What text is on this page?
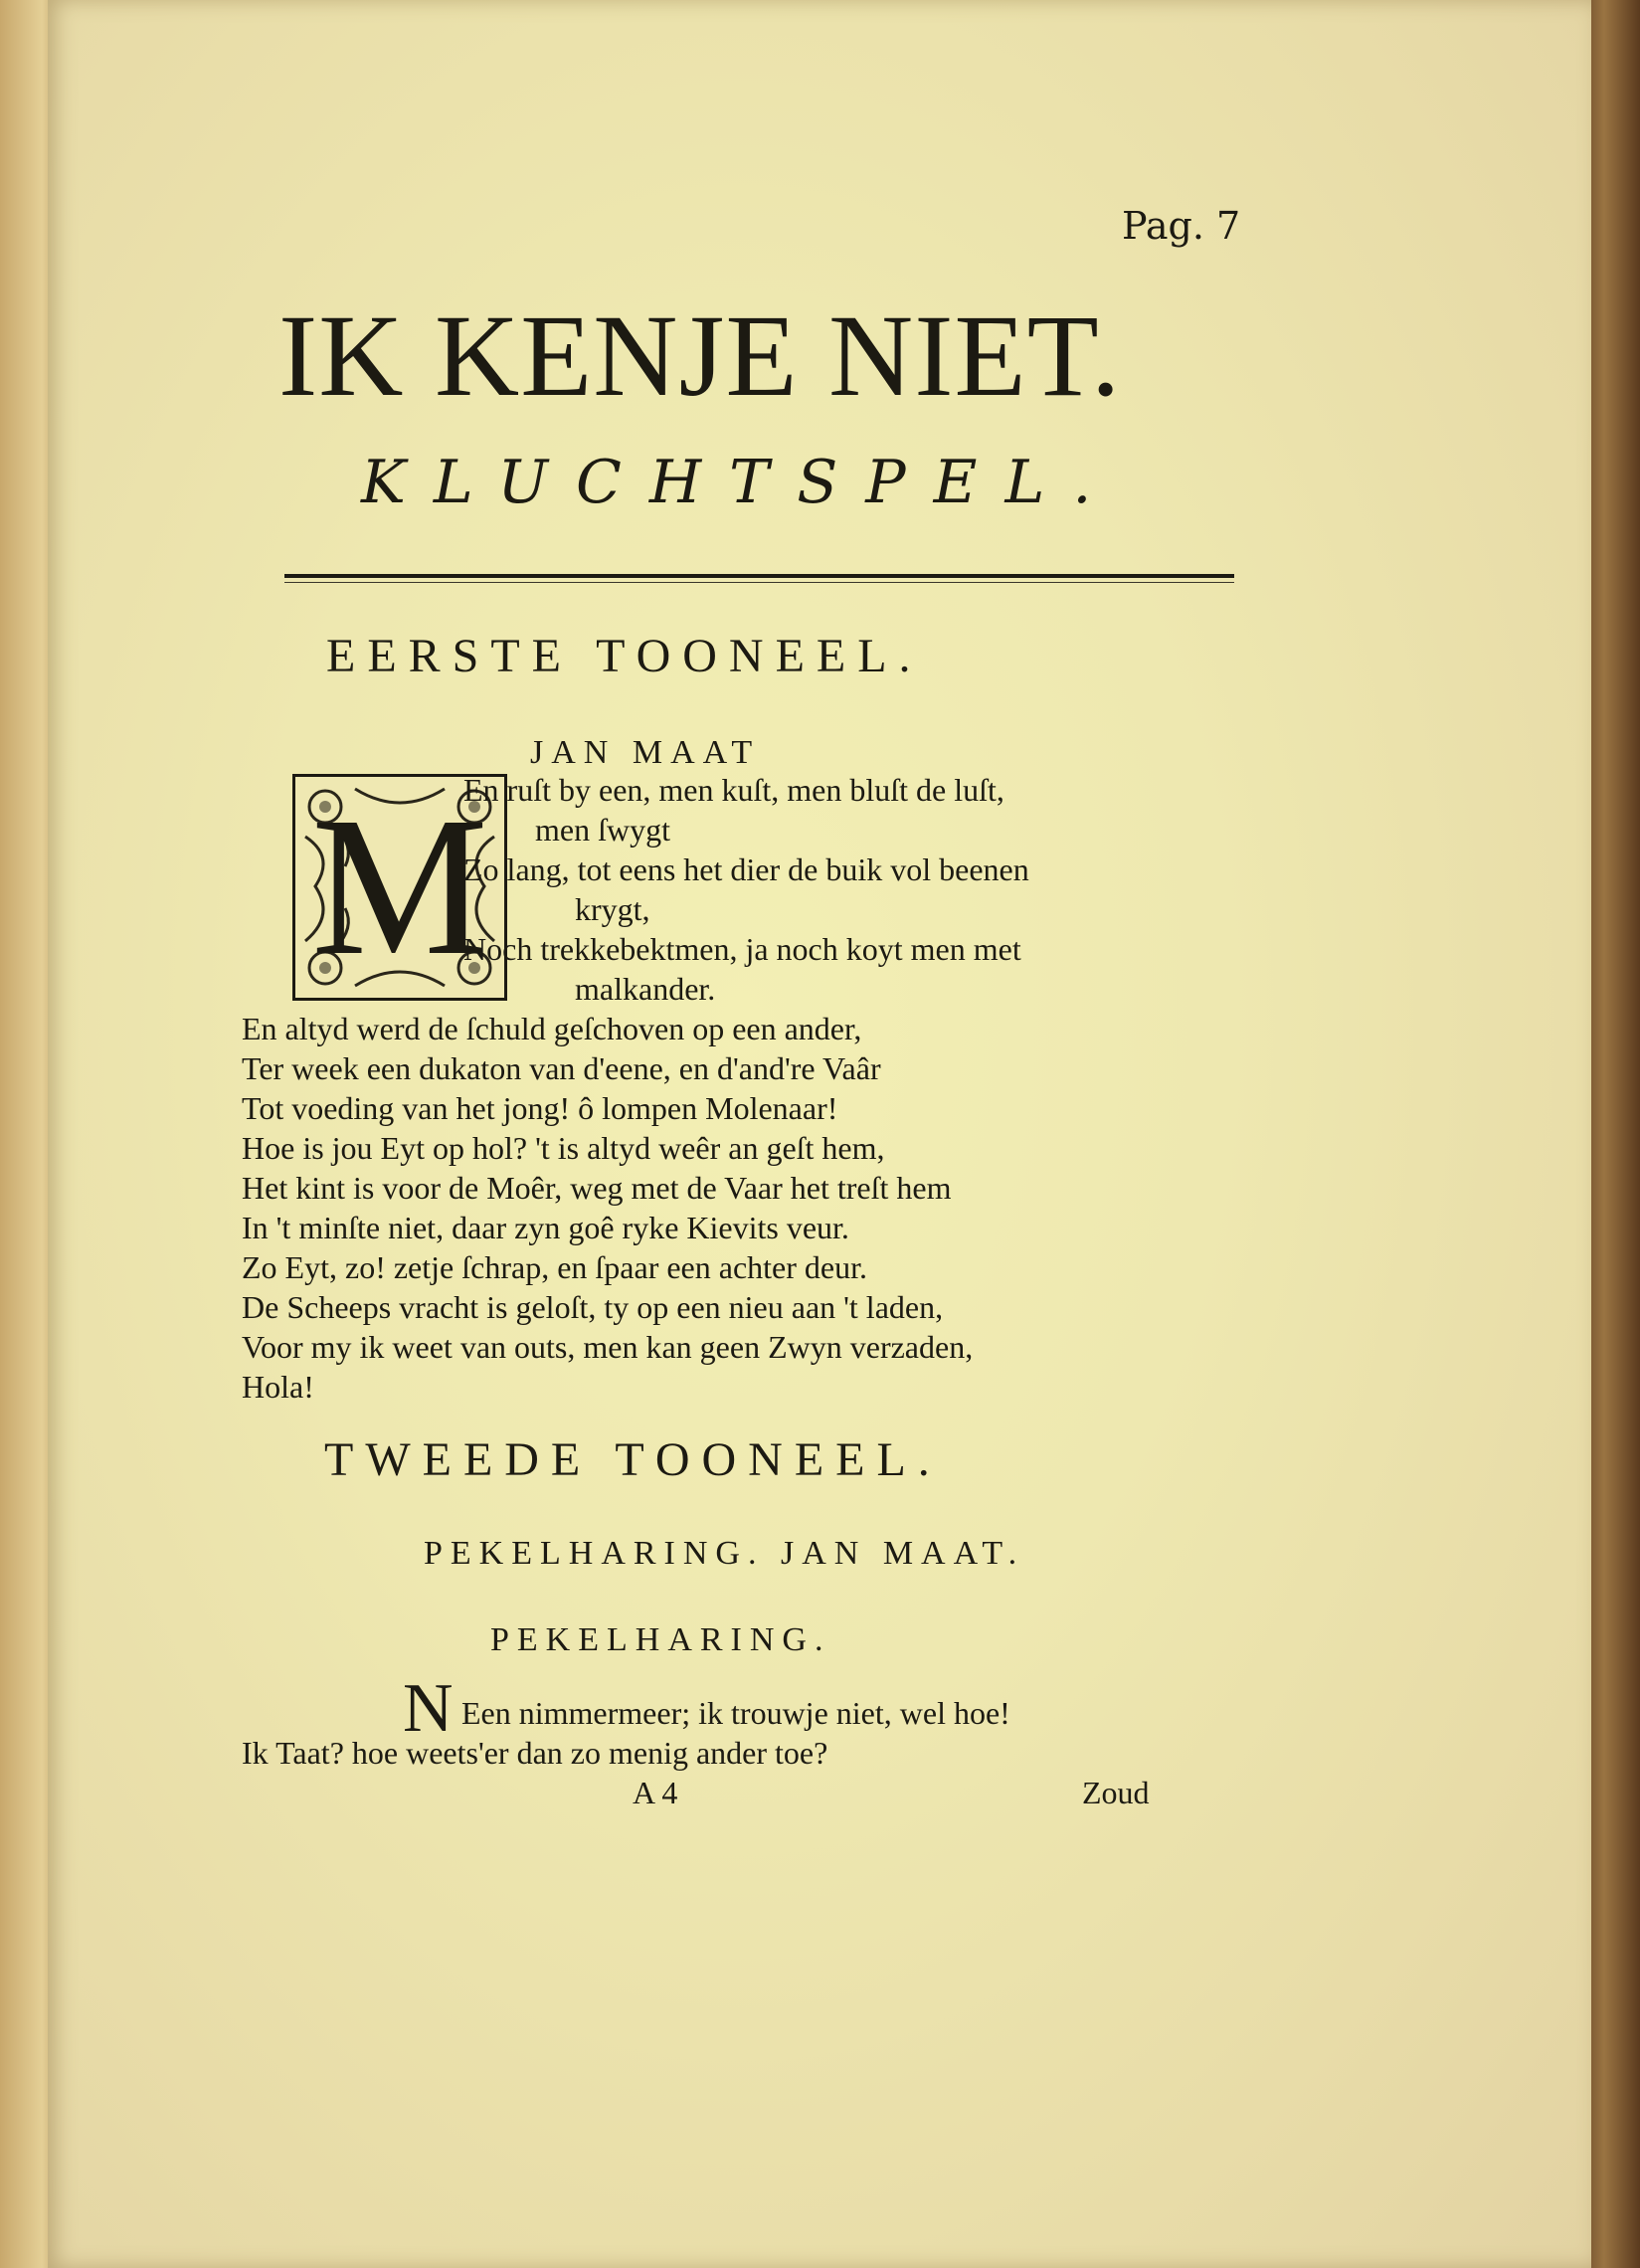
Pag. 7
IK KENJE NIET.
KLUCHTSPEL.
EERSTE TOONEEL.
JAN MAAT
M
En ruſt by een, men kuſt, men bluſt de luſt,
men ſwygt
Zo lang, tot eens het dier de buik vol beenen
krygt,
Noch trekkebektmen, ja noch koyt men met
malkander.
En altyd werd de ſchuld geſchoven op een ander,
Ter week een dukaton van d'eene, en d'and're Vaâr
Tot voeding van het jong! ô lompen Molenaar!
Hoe is jou Eyt op hol? 't is altyd weêr an geſt hem,
Het kint is voor de Moêr, weg met de Vaar het treſt hem
In 't minſte niet, daar zyn goê ryke Kievits veur.
Zo Eyt, zo! zetje ſchrap, en ſpaar een achter deur.
De Scheeps vracht is geloſt, ty op een nieu aan 't laden,
Voor my ik weet van outs, men kan geen Zwyn verzaden,
Hola!
TWEEDE TOONEEL.
PEKELHARING. JAN MAAT.
PEKELHARING.
N Een nimmermeer; ik trouwje niet, wel hoe!
Ik Taat? hoe weets'er dan zo menig ander toe?
A 4	Zoud
